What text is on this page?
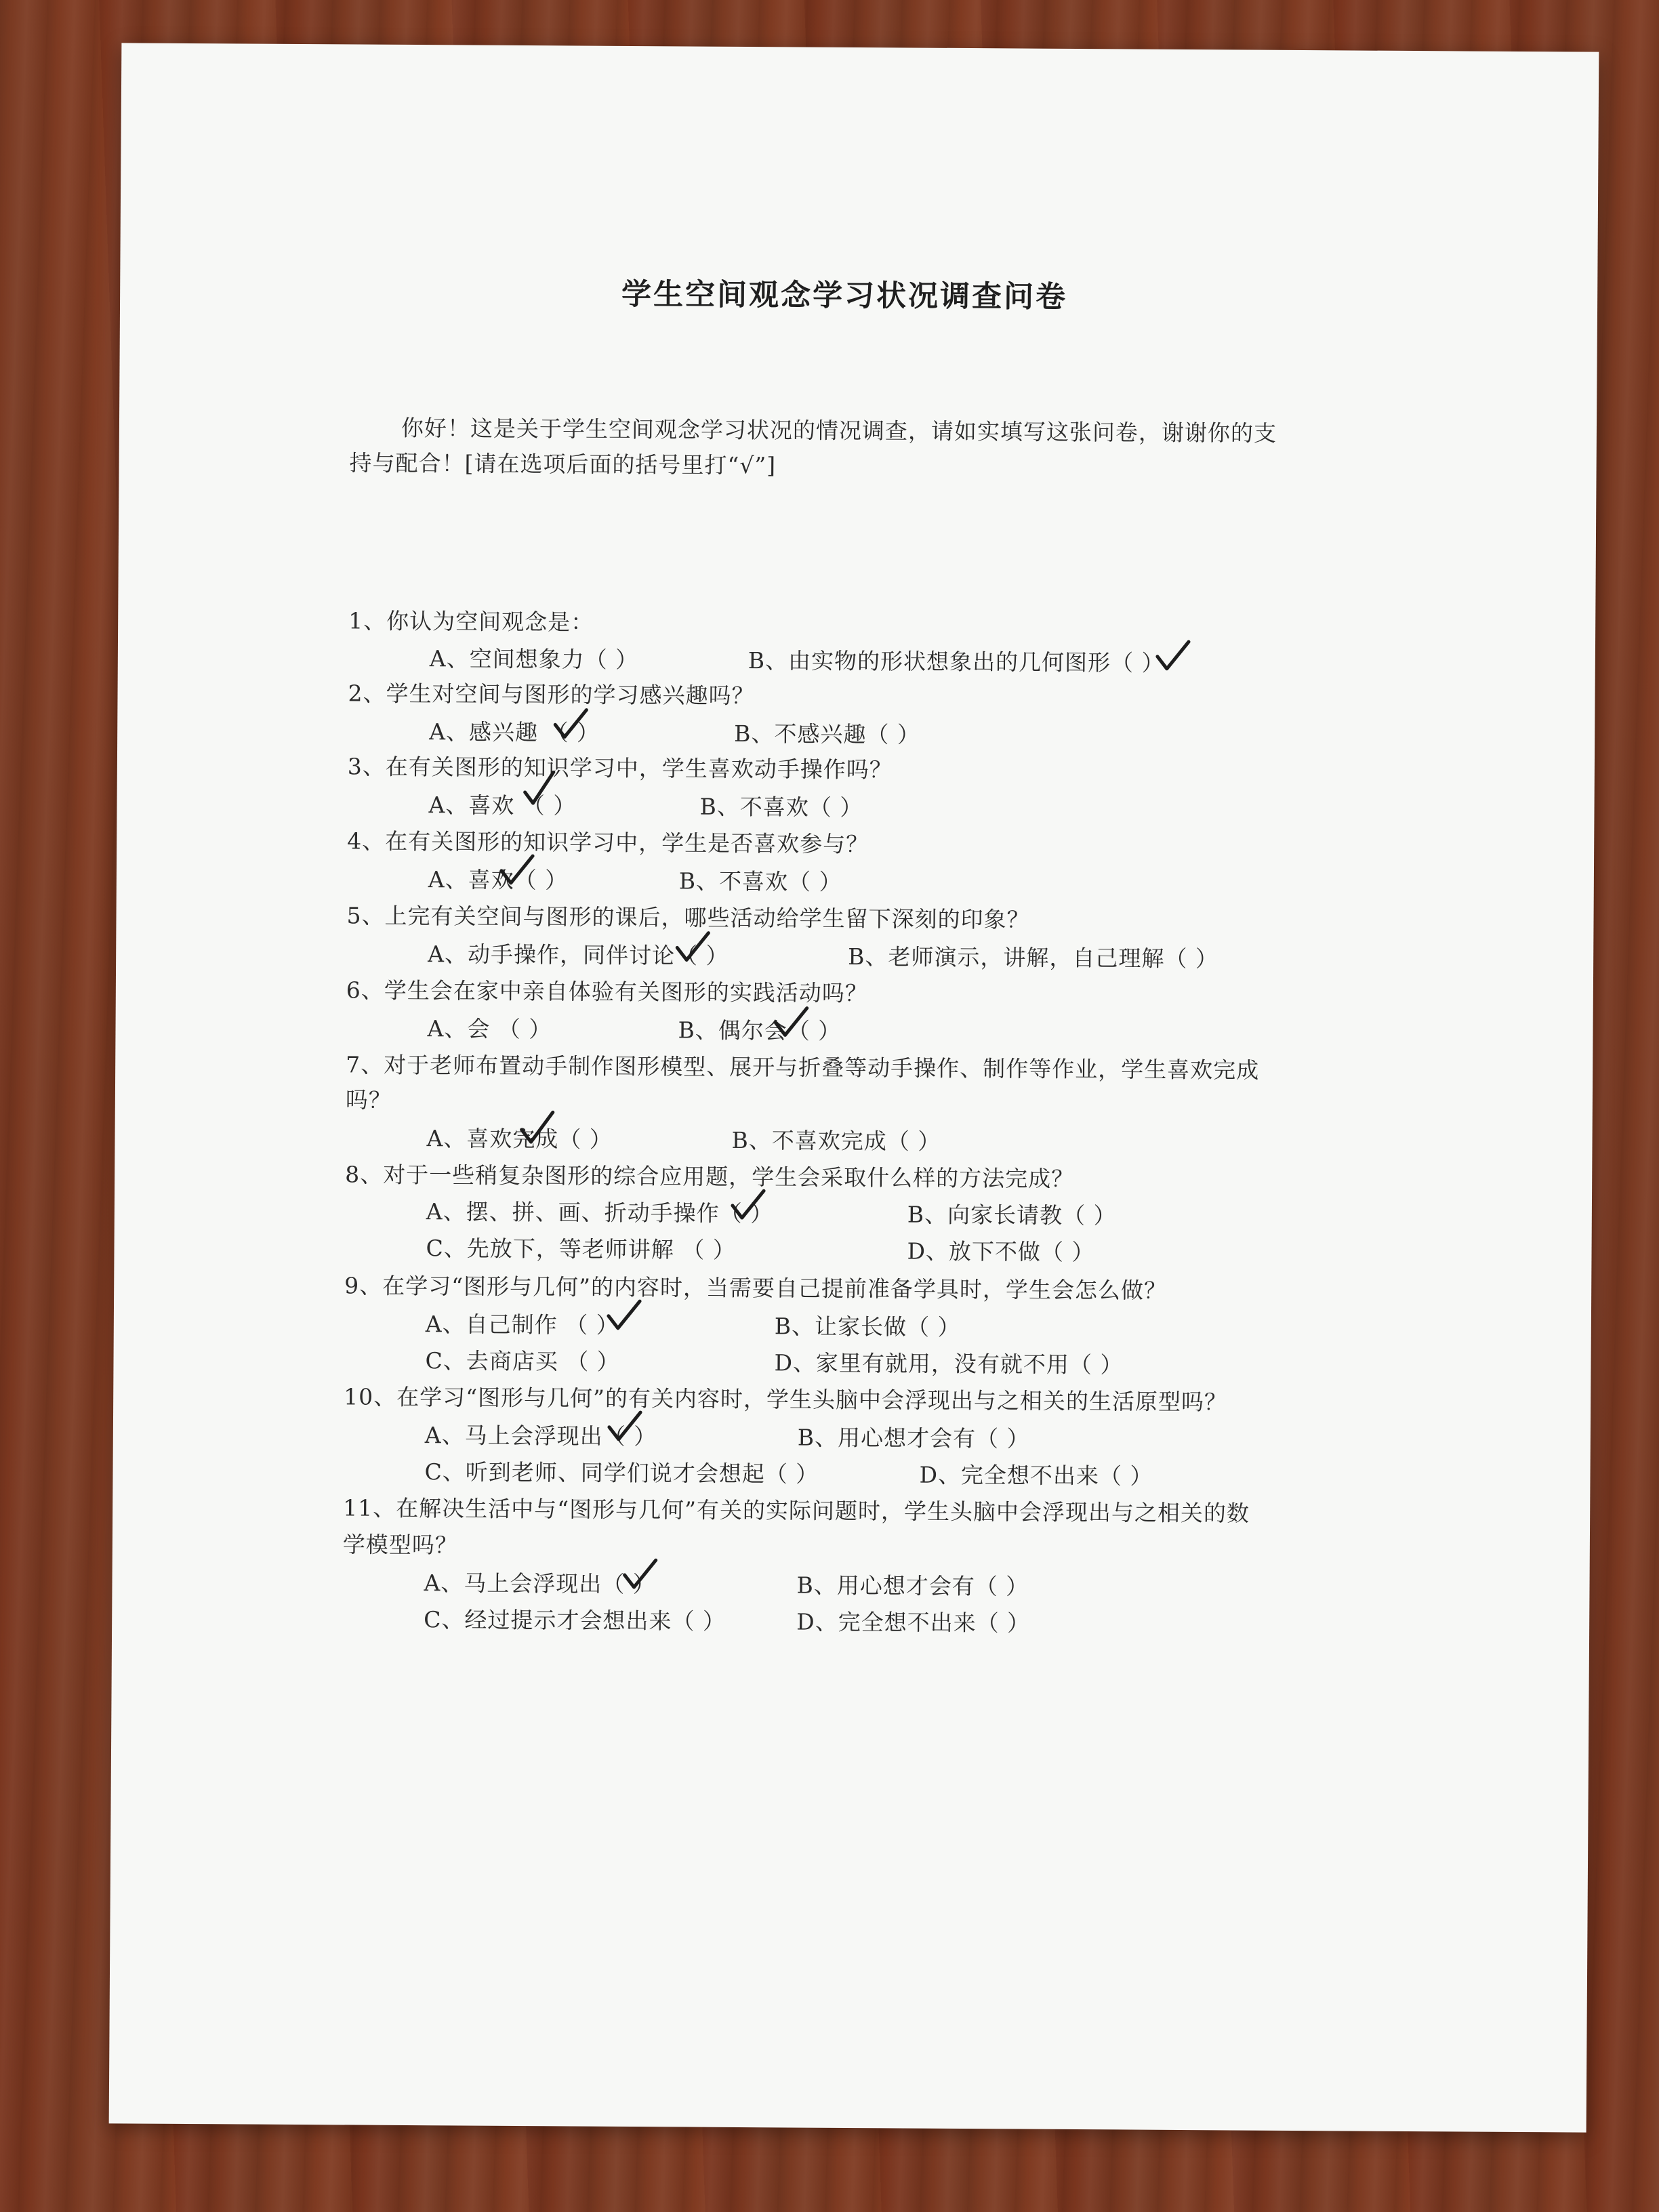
学生空间观念学习状况调查问卷
你好！这是关于学生空间观念学习状况的情况调查，请如实填写这张问卷，谢谢你的支
持与配合！[请在选项后面的括号里打“√”]
1、你认为空间观念是：
A、空间想象力（ ）	B、由实物的形状想象出的几何图形（ ）
2、学生对空间与图形的学习感兴趣吗？
A、感兴趣 （ ）	B、不感兴趣（ ）
3、在有关图形的知识学习中，学生喜欢动手操作吗？
A、喜欢 （ ）	B、不喜欢（ ）
4、在有关图形的知识学习中，学生是否喜欢参与？
A、喜欢（ ）	B、不喜欢（ ）
5、上完有关空间与图形的课后，哪些活动给学生留下深刻的印象？
A、动手操作，同伴讨论（ ）	B、老师演示，讲解，自己理解（ ）
6、学生会在家中亲自体验有关图形的实践活动吗？
A、会 （ ）	B、偶尔会（ ）
7、对于老师布置动手制作图形模型、展开与折叠等动手操作、制作等作业，学生喜欢完成
吗？
A、喜欢完成（ ）	B、不喜欢完成（ ）
8、对于一些稍复杂图形的综合应用题，学生会采取什么样的方法完成？
A、摆、拼、画、折动手操作（ ）	B、向家长请教（ ）
C、先放下，等老师讲解 （ ）	D、放下不做（ ）
9、在学习“图形与几何”的内容时，当需要自己提前准备学具时，学生会怎么做？
A、自己制作 （ ）	B、让家长做（ ）
C、去商店买 （ ）	D、家里有就用，没有就不用（ ）
10、在学习“图形与几何”的有关内容时，学生头脑中会浮现出与之相关的生活原型吗？
A、马上会浮现出（ ）	B、用心想才会有（ ）
C、听到老师、同学们说才会想起（ ）	D、完全想不出来（ ）
11、在解决生活中与“图形与几何”有关的实际问题时，学生头脑中会浮现出与之相关的数
学模型吗？
A、马上会浮现出（ ）	B、用心想才会有（ ）
C、经过提示才会想出来（ ）	D、完全想不出来（ ）
